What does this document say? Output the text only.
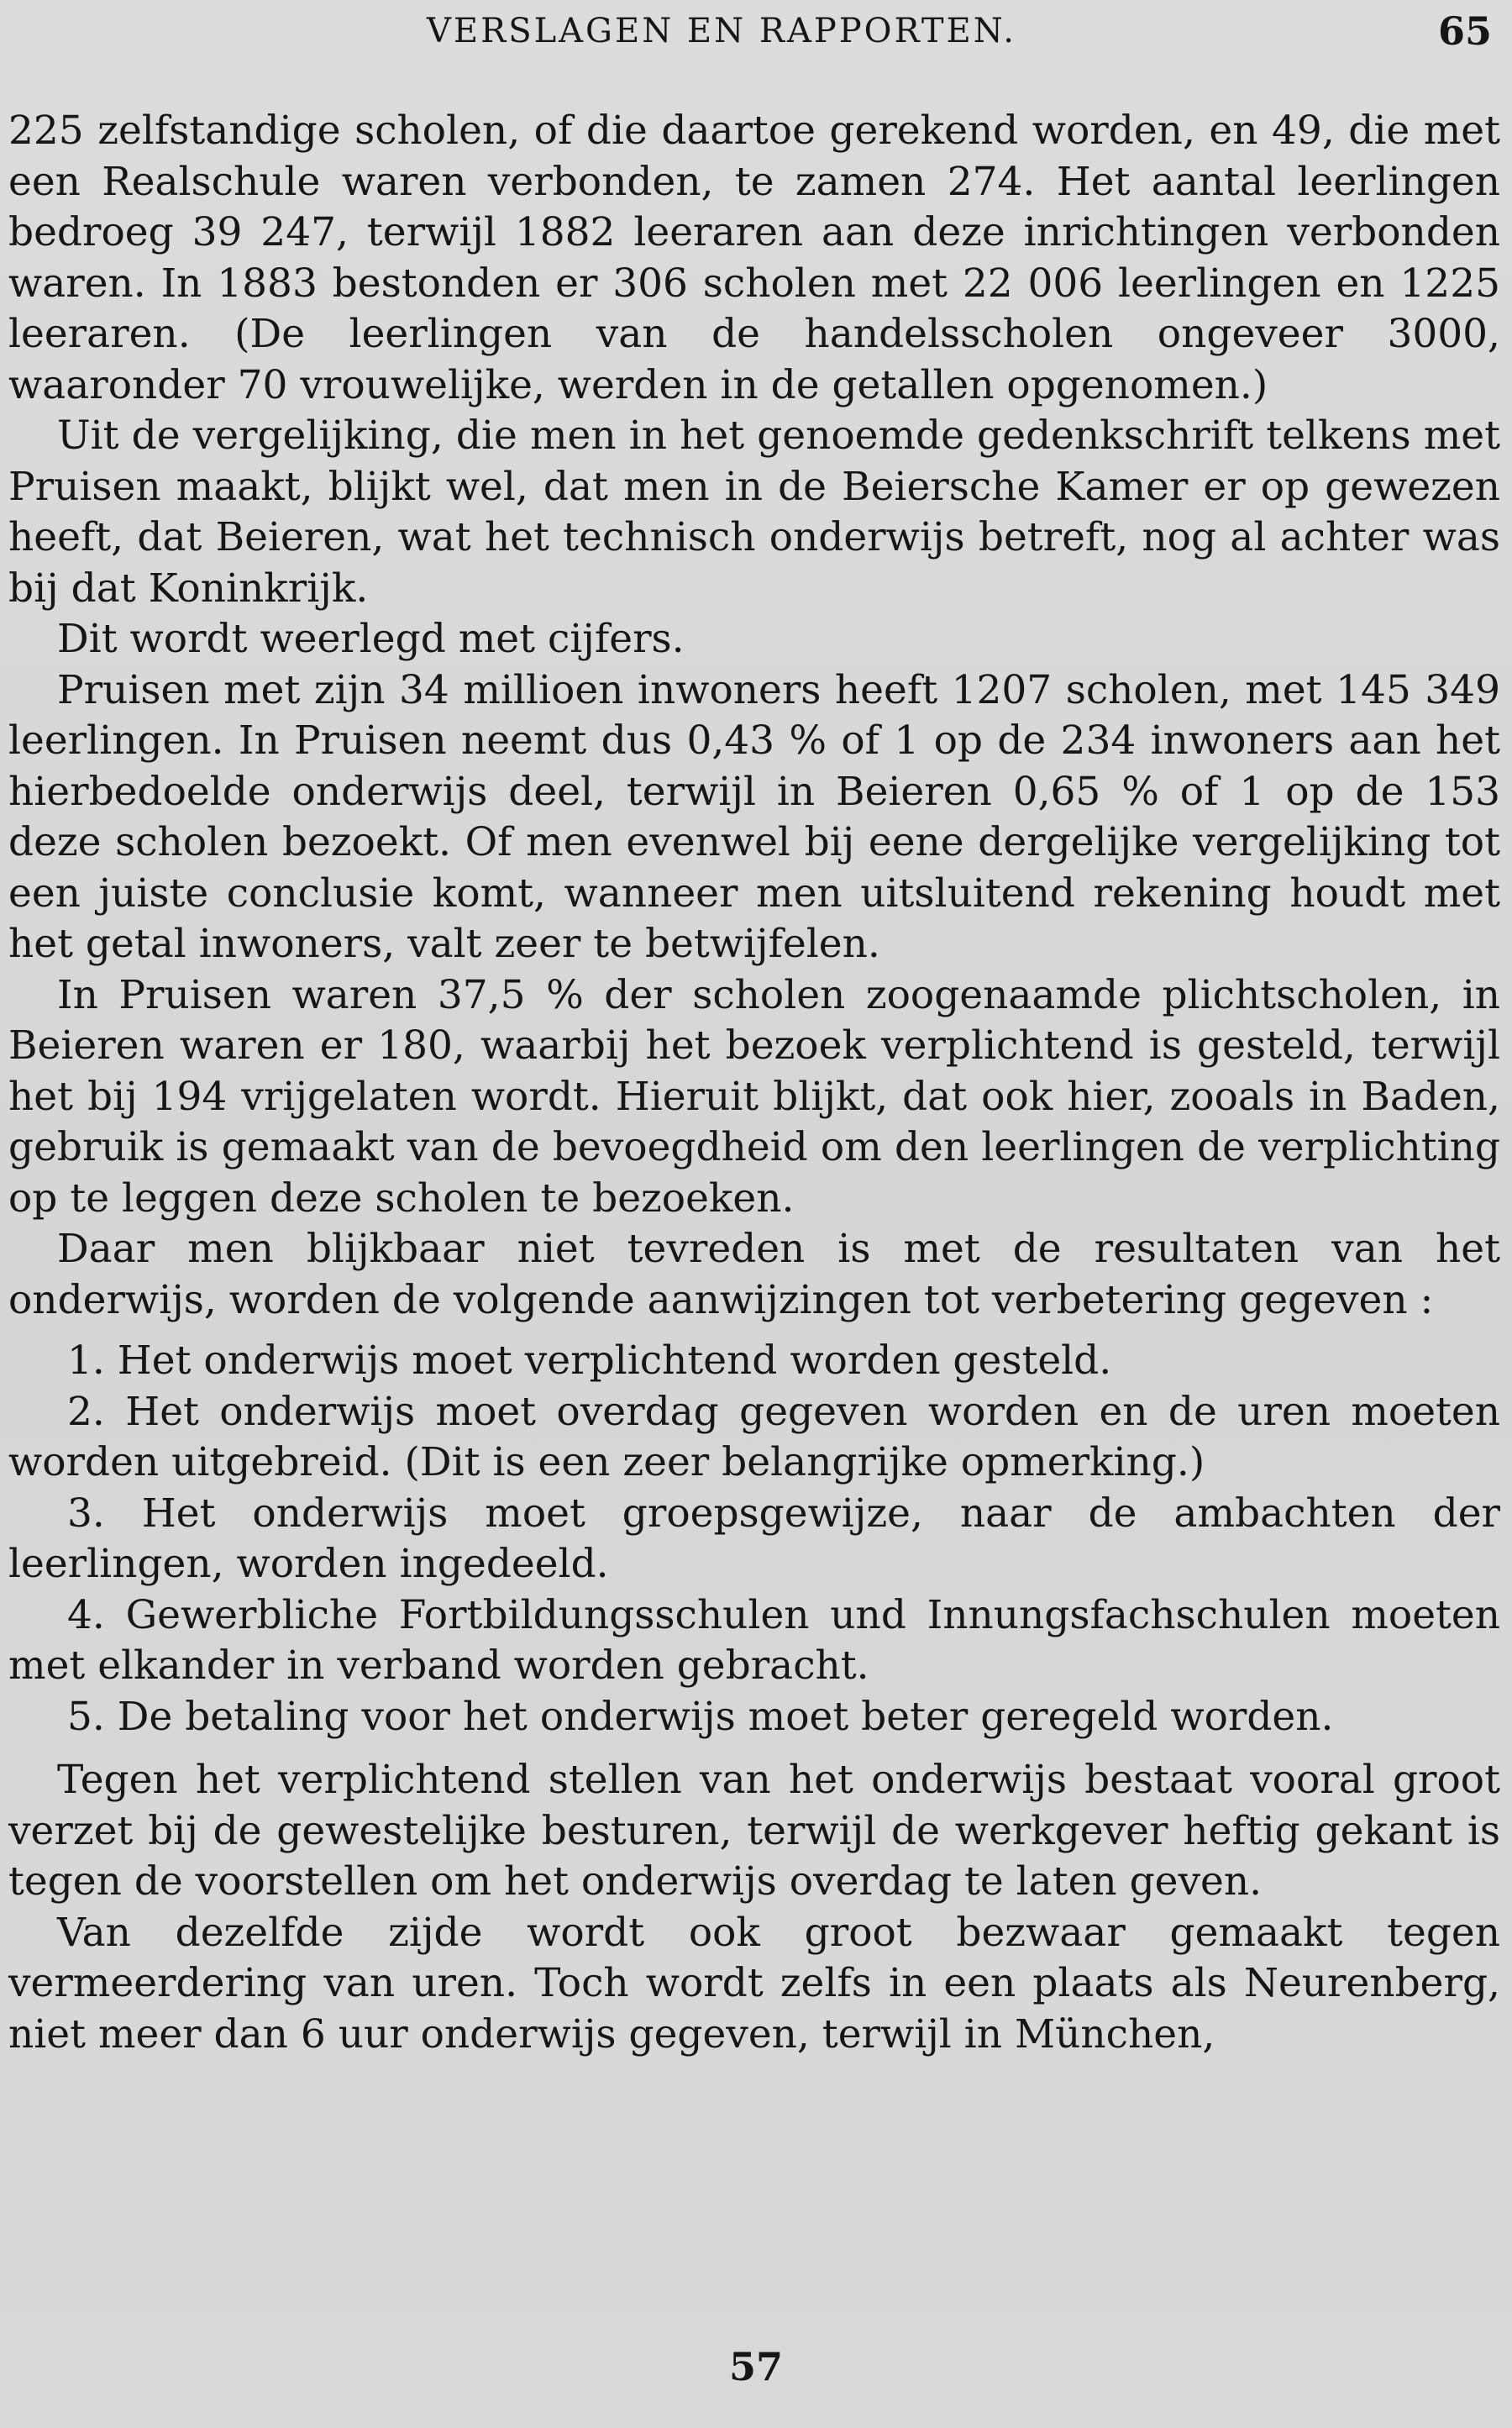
VERSLAGEN EN RAPPORTEN.	65

225 zelfstandige scholen, of die daartoe gerekend worden, en 49, die met een Realschule waren verbonden, te zamen 274. Het aantal leerlingen bedroeg 39 247, terwijl 1882 leeraren aan deze inrichtingen verbonden waren. In 1883 bestonden er 306 scholen met 22 006 leerlingen en 1225 leeraren. (De leerlingen van de handelsscholen ongeveer 3000, waaronder 70 vrouwelijke, werden in de getallen opgenomen.)

Uit de vergelijking, die men in het genoemde gedenkschrift telkens met Pruisen maakt, blijkt wel, dat men in de Beiersche Kamer er op gewezen heeft, dat Beieren, wat het technisch onderwijs betreft, nog al achter was bij dat Koninkrijk.

Dit wordt weerlegd met cijfers.

Pruisen met zijn 34 millioen inwoners heeft 1207 scholen, met 145 349 leerlingen. In Pruisen neemt dus 0,43 % of 1 op de 234 inwoners aan het hierbedoelde onderwijs deel, terwijl in Beieren 0,65 % of 1 op de 153 deze scholen bezoekt. Of men evenwel bij eene dergelijke vergelijking tot een juiste conclusie komt, wanneer men uitsluitend rekening houdt met het getal inwoners, valt zeer te betwijfelen.

In Pruisen waren 37,5 % der scholen zoogenaamde plichtscholen, in Beieren waren er 180, waarbij het bezoek verplichtend is gesteld, terwijl het bij 194 vrijgelaten wordt. Hieruit blijkt, dat ook hier, zooals in Baden, gebruik is gemaakt van de bevoegdheid om den leerlingen de verplichting op te leggen deze scholen te bezoeken.

Daar men blijkbaar niet tevreden is met de resultaten van het onderwijs, worden de volgende aanwijzingen tot verbetering gegeven :

1. Het onderwijs moet verplichtend worden gesteld.

2. Het onderwijs moet overdag gegeven worden en de uren moeten worden uitgebreid. (Dit is een zeer belangrijke opmerking.)

3. Het onderwijs moet groepsgewijze, naar de ambachten der leerlingen, worden ingedeeld.

4. Gewerbliche Fortbildungsschulen und Innungsfachschulen moeten met elkander in verband worden gebracht.

5. De betaling voor het onderwijs moet beter geregeld worden.

Tegen het verplichtend stellen van het onderwijs bestaat vooral groot verzet bij de gewestelijke besturen, terwijl de werkgever heftig gekant is tegen de voorstellen om het onderwijs overdag te laten geven.

Van dezelfde zijde wordt ook groot bezwaar gemaakt tegen vermeerdering van uren. Toch wordt zelfs in een plaats als Neurenberg, niet meer dan 6 uur onderwijs gegeven, terwijl in München,

57
